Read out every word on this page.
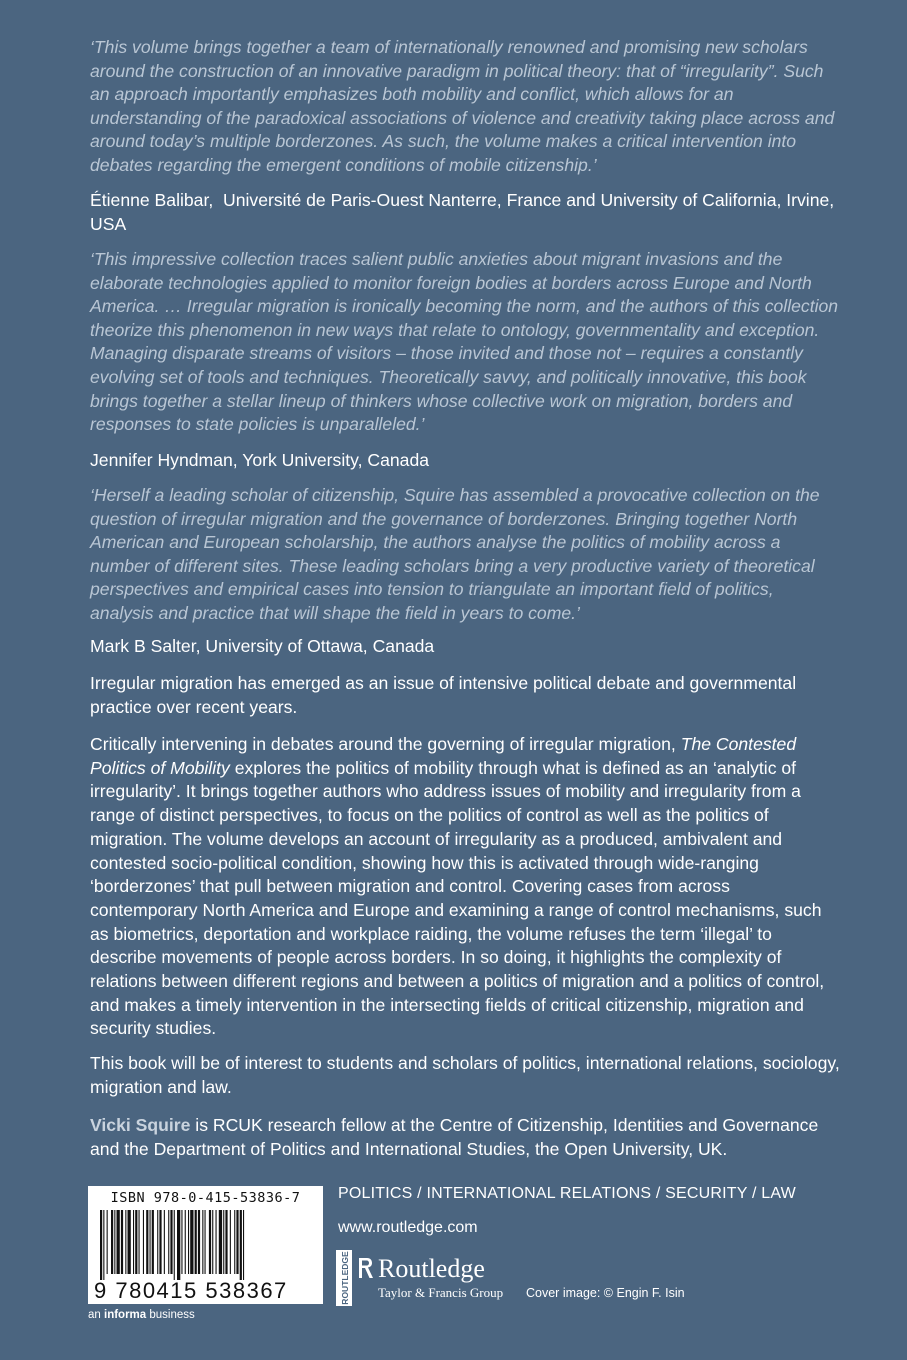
‘This volume brings together a team of internationally renowned and promising new scholars around the construction of an innovative paradigm in political theory: that of “irregularity”. Such an approach importantly emphasizes both mobility and conflict, which allows for an understanding of the paradoxical associations of violence and creativity taking place across and around today’s multiple borderzones. As such, the volume makes a critical intervention into debates regarding the emergent conditions of mobile citizenship.’

Étienne Balibar,  Université de Paris-Ouest Nanterre, France and University of California, Irvine, USA

‘This impressive collection traces salient public anxieties about migrant invasions and the elaborate technologies applied to monitor foreign bodies at borders across Europe and North America. … Irregular migration is ironically becoming the norm, and the authors of this collection theorize this phenomenon in new ways that relate to ontology, governmentality and exception. Managing disparate streams of visitors – those invited and those not – requires a constantly evolving set of tools and techniques. Theoretically savvy, and politically innovative, this book brings together a stellar lineup of thinkers whose collective work on migration, borders and responses to state policies is unparalleled.’

Jennifer Hyndman, York University, Canada

‘Herself a leading scholar of citizenship, Squire has assembled a provocative collection on the question of irregular migration and the governance of borderzones. Bringing together North American and European scholarship, the authors analyse the politics of mobility across a number of different sites. These leading scholars bring a very productive variety of theoretical perspectives and empirical cases into tension to triangulate an important field of politics, analysis and practice that will shape the field in years to come.’

Mark B Salter, University of Ottawa, Canada

Irregular migration has emerged as an issue of intensive political debate and governmental practice over recent years.

Critically intervening in debates around the governing of irregular migration, The Contested Politics of Mobility explores the politics of mobility through what is defined as an ‘analytic of irregularity’. It brings together authors who address issues of mobility and irregularity from a range of distinct perspectives, to focus on the politics of control as well as the politics of migration. The volume develops an account of irregularity as a produced, ambivalent and contested socio-political condition, showing how this is activated through wide-ranging ‘borderzones’ that pull between migration and control. Covering cases from across contemporary North America and Europe and examining a range of control mechanisms, such as biometrics, deportation and workplace raiding, the volume refuses the term ‘illegal’ to describe movements of people across borders. In so doing, it highlights the complexity of relations between different regions and between a politics of migration and a politics of control, and makes a timely intervention in the intersecting fields of critical citizenship, migration and security studies.

This book will be of interest to students and scholars of politics, international relations, sociology, migration and law.

Vicki Squire is RCUK research fellow at the Centre of Citizenship, Identities and Governance and the Department of Politics and International Studies, the Open University, UK.

ISBN 978-0-415-53836-7
9 780415 538367
an informa business
POLITICS / INTERNATIONAL RELATIONS / SECURITY / LAW
www.routledge.com
ROUTLEDGE Routledge
Taylor & Francis Group Cover image: © Engin F. Isin
